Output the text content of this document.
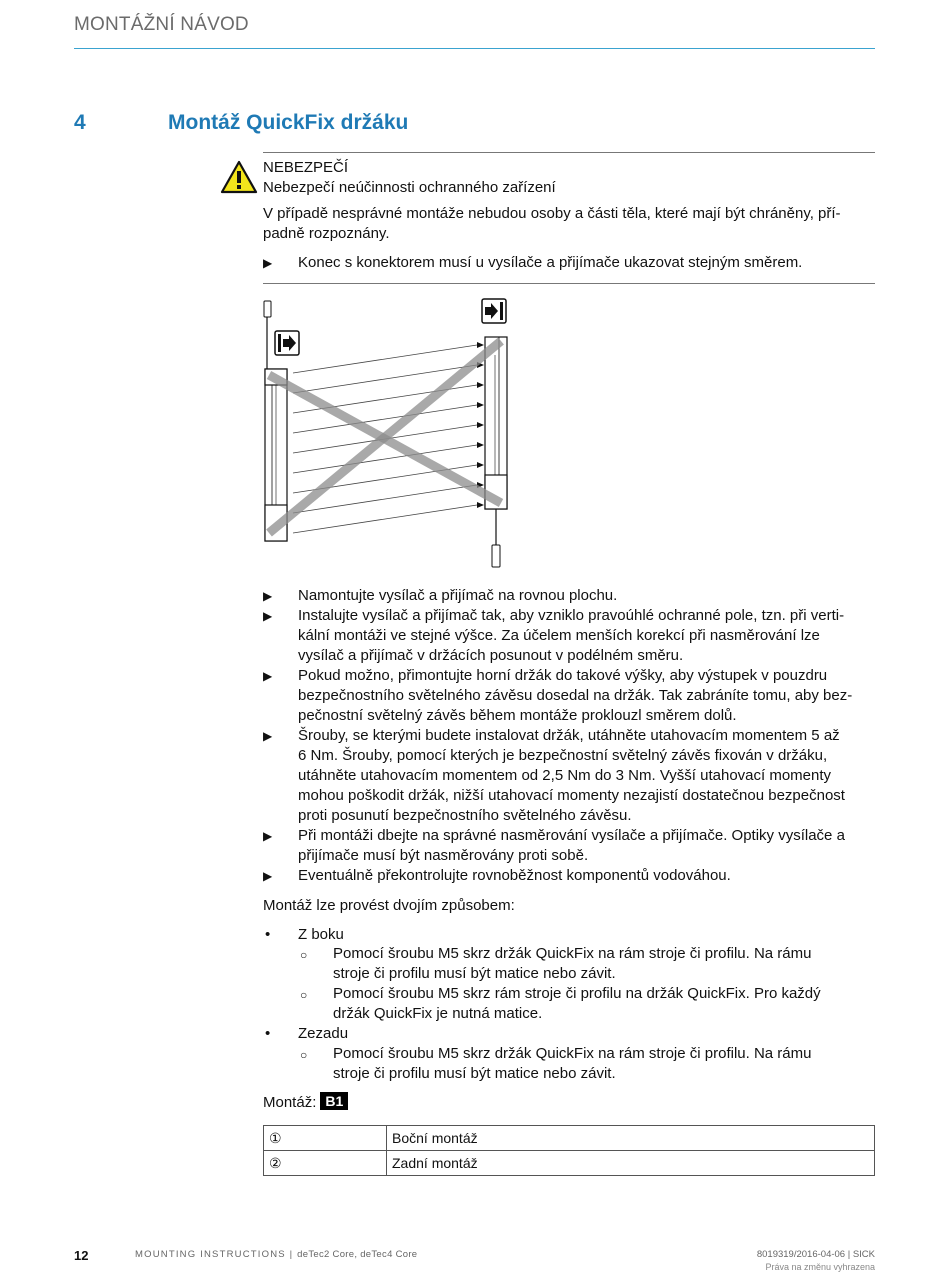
MONTÁŽNÍ NÁVOD
4	Montáž QuickFix držáku
NEBEZPEČÍ
Nebezpečí neúčinnosti ochranného zařízení
V případě nesprávné montáže nebudou osoby a části těla, které mají být chráněny, pří-
padně rozpoznány.
▶ Konec s konektorem musí u vysílače a přijímače ukazovat stejným směrem.
▶ Namontujte vysílač a přijímač na rovnou plochu.
▶ Instalujte vysílač a přijímač tak, aby vzniklo pravoúhlé ochranné pole, tzn. při verti-
kální montáži ve stejné výšce. Za účelem menších korekcí při nasměrování lze
vysílač a přijímač v držácích posunout v podélném směru.
▶ Pokud možno, přimontujte horní držák do takové výšky, aby výstupek v pouzdru
bezpečnostního světelného závěsu dosedal na držák. Tak zabráníte tomu, aby bez-
pečnostní světelný závěs během montáže proklouzl směrem dolů.
▶ Šrouby, se kterými budete instalovat držák, utáhněte utahovacím momentem 5 až
6 Nm. Šrouby, pomocí kterých je bezpečnostní světelný závěs fixován v držáku,
utáhněte utahovacím momentem od 2,5 Nm do 3 Nm. Vyšší utahovací momenty
mohou poškodit držák, nižší utahovací momenty nezajistí dostatečnou bezpečnost
proti posunutí bezpečnostního světelného závěsu.
▶ Při montáži dbejte na správné nasměrování vysílače a přijímače. Optiky vysílače a
přijímače musí být nasměrovány proti sobě.
▶ Eventuálně překontrolujte rovnoběžnost komponentů vodováhou.
Montáž lze provést dvojím způsobem:
• Z boku
○ Pomocí šroubu M5 skrz držák QuickFix na rám stroje či profilu. Na rámu
stroje či profilu musí být matice nebo závit.
○ Pomocí šroubu M5 skrz rám stroje či profilu na držák QuickFix. Pro každý
držák QuickFix je nutná matice.
• Zezadu
○ Pomocí šroubu M5 skrz držák QuickFix na rám stroje či profilu. Na rámu
stroje či profilu musí být matice nebo závit.
Montáž: B1
①	Boční montáž
②	Zadní montáž
12	MOUNTING INSTRUCTIONS | deTec2 Core, deTec4 Core	8019319/2016-04-06 | SICK
Práva na změnu vyhrazena
